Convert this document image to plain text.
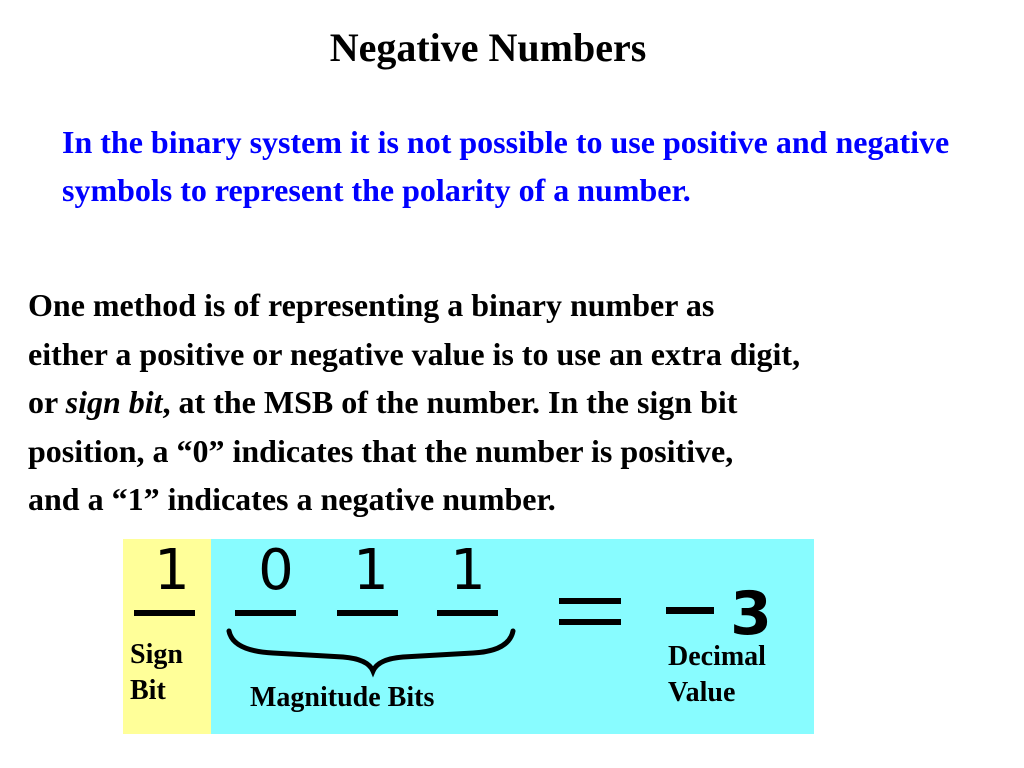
Negative Numbers

In the binary system it is not possible to use positive and negative symbols to represent the polarity of a number.

One method is of representing a binary number as
either a positive or negative value is to use an extra digit,
or sign bit, at the MSB of the number. In the sign bit
position, a “0” indicates that the number is positive,
and a “1” indicates a negative number.

1 0 1 1
3

Sign
Bit	Magnitude Bits

Decimal
Value
